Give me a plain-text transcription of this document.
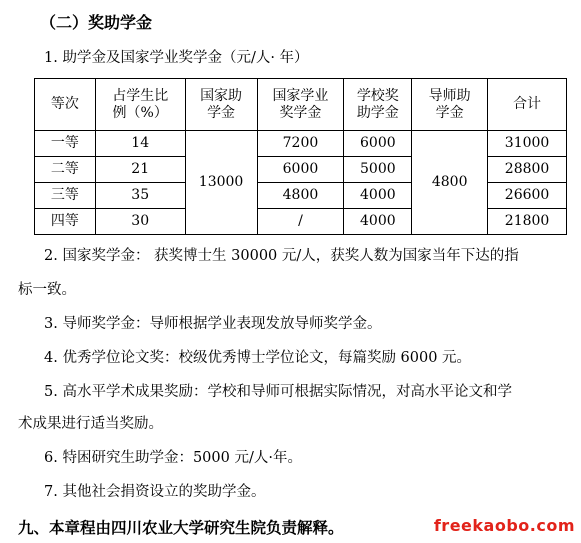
（二）奖助学金
1. 助学金及国家学业奖学金（元/人· 年）
等次	占学生比例（%）	国家助学金	国家学业奖学金	学校奖助学金	导师助学金	合计
一等	14	13000	7200	6000	4800	31000
二等	21		6000	5000		28800
三等	35		4800	4000		26600
四等	30		/	4000		21800
2. 国家奖学金： 获奖博士生 30000 元/人，获奖人数为国家当年下达的指
标一致。
3. 导师奖学金：导师根据学业表现发放导师奖学金。
4. 优秀学位论文奖：校级优秀博士学位论文，每篇奖励 6000 元。
5. 高水平学术成果奖励：学校和导师可根据实际情况，对高水平论文和学
术成果进行适当奖励。
6. 特困研究生助学金：5000 元/人·年。
7. 其他社会捐资设立的奖助学金。
九、本章程由四川农业大学研究生院负责解释。	freekaobo.com
